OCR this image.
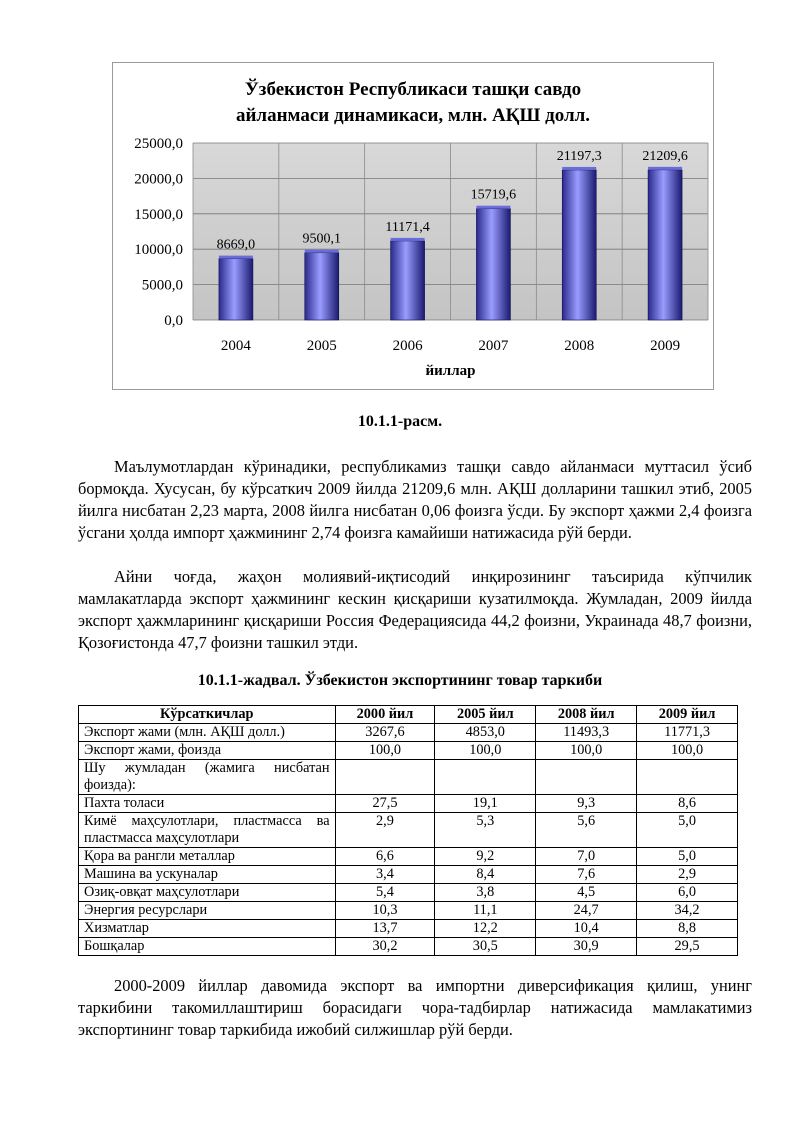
Ўзбекистон Республикаси ташқи савдо
айланмаси динамикаси, млн. АҚШ долл.
0,0
5000,0
10000,0
15000,0
20000,0
25000,0
8669,0
2004
9500,1
2005
11171,4
2006
15719,6
2007
21197,3
2008
21209,6
2009
йиллар
10.1.1-расм.

Маълумотлардан кўринадики, республикамиз ташқи савдо айланмаси муттасил ўсиб бормоқда. Хусусан, бу кўрсаткич 2009 йилда 21209,6 млн. АҚШ долларини ташкил этиб, 2005 йилга нисбатан 2,23 марта, 2008 йилга нисбатан 0,06 фоизга ўсди. Бу экспорт ҳажми 2,4 фоизга ўсгани ҳолда импорт ҳажмининг 2,74 фоизга камайиши натижасида рўй берди.

Айни чоғда, жаҳон молиявий-иқтисодий инқирозининг таъсирида кўпчилик мамлакатларда экспорт ҳажмининг кескин қисқариши кузатилмоқда. Жумладан, 2009 йилда экспорт ҳажмларининг қисқариши Россия Федерациясида 44,2 фоизни, Украинада 48,7 фоизни, Қозоғистонда 47,7 фоизни ташкил этди.

10.1.1-жадвал. Ўзбекистон экспортининг товар таркиби
Кўрсаткичлар	2000 йил	2005 йил	2008 йил	2009 йил
Экспорт жами (млн. АҚШ долл.)	3267,6	4853,0	11493,3	11771,3
Экспорт жами, фоизда	100,0	100,0	100,0	100,0
Шу жумладан (жамига нисбатан фоизда):				
Пахта толаси	27,5	19,1	9,3	8,6
Кимё маҳсулотлари, пластмасса ва пластмасса маҳсулотлари	2,9	5,3	5,6	5,0
Қора ва рангли металлар	6,6	9,2	7,0	5,0
Машина ва ускуналар	3,4	8,4	7,6	2,9
Озиқ-овқат маҳсулотлари	5,4	3,8	4,5	6,0
Энергия ресурслари	10,3	11,1	24,7	34,2
Хизматлар	13,7	12,2	10,4	8,8
Бошқалар	30,2	30,5	30,9	29,5

2000-2009 йиллар давомида экспорт ва импортни диверсификация қилиш, унинг таркибини такомиллаштириш борасидаги чора-тадбирлар натижасида мамлакатимиз экспортининг товар таркибида ижобий силжишлар рўй берди.
